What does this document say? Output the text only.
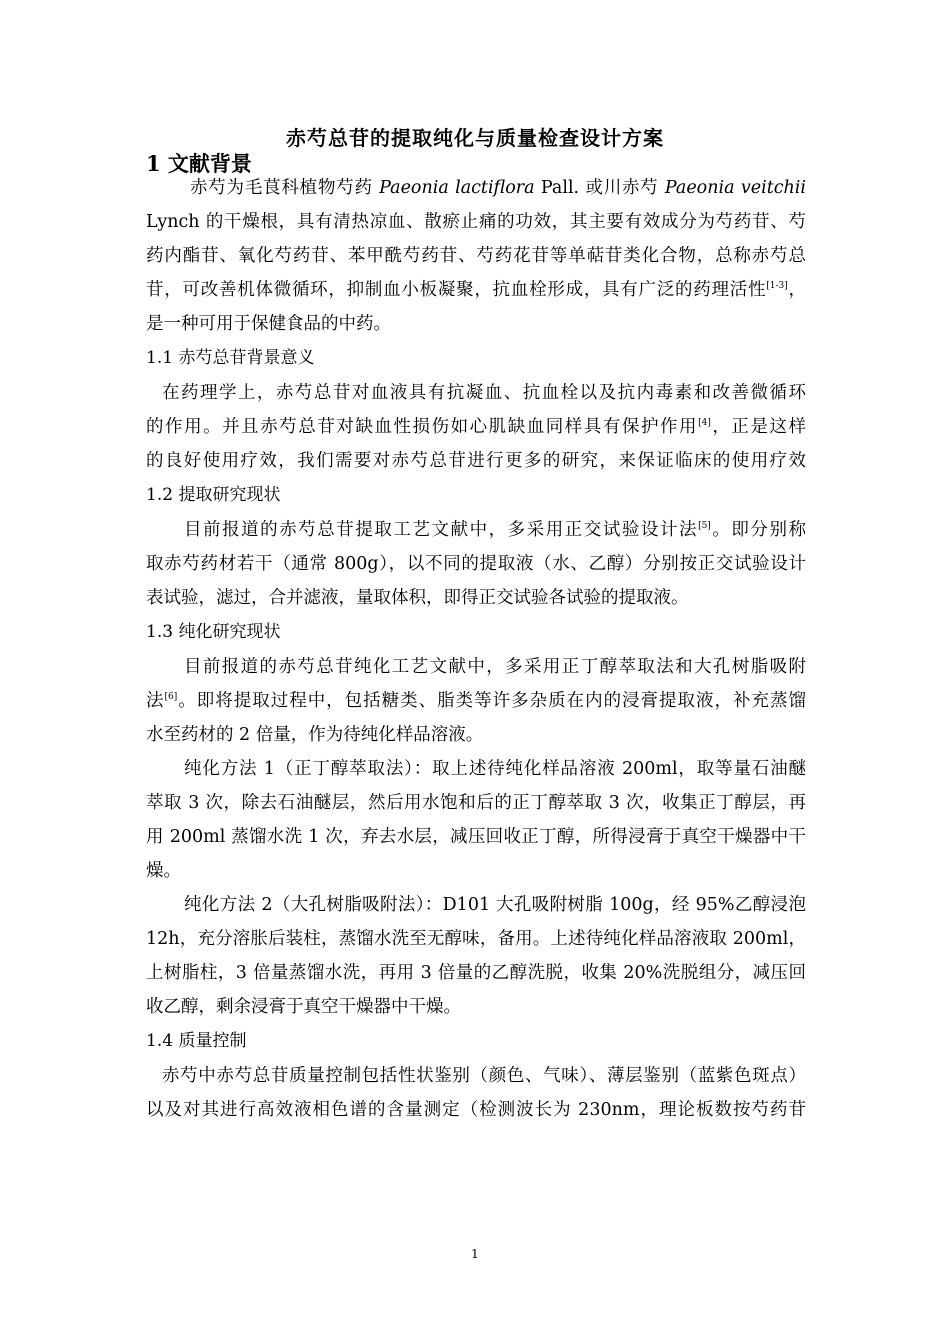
赤芍总苷的提取纯化与质量检查设计方案
1 文献背景
赤芍为毛茛科植物芍药 Paeonia lactiflora Pall. 或川赤芍 Paeonia veitchii
Lynch 的干燥根，具有清热凉血、散瘀止痛的功效，其主要有效成分为芍药苷、芍
药内酯苷、氧化芍药苷、苯甲酰芍药苷、芍药花苷等单萜苷类化合物，总称赤芍总
苷，可改善机体微循环，抑制血小板凝聚，抗血栓形成，具有广泛的药理活性[1-3]，
是一种可用于保健食品的中药。
1.1 赤芍总苷背景意义
在药理学上，赤芍总苷对血液具有抗凝血、抗血栓以及抗内毒素和改善微循环
的作用。并且赤芍总苷对缺血性损伤如心肌缺血同样具有保护作用[4]，正是这样
的良好使用疗效，我们需要对赤芍总苷进行更多的研究，来保证临床的使用疗效
1.2 提取研究现状
目前报道的赤芍总苷提取工艺文献中，多采用正交试验设计法[5]。即分别称
取赤芍药材若干（通常 800g），以不同的提取液（水、乙醇）分别按正交试验设计
表试验，滤过，合并滤液，量取体积，即得正交试验各试验的提取液。
1.3 纯化研究现状
目前报道的赤芍总苷纯化工艺文献中，多采用正丁醇萃取法和大孔树脂吸附
法[6]。即将提取过程中，包括糖类、脂类等许多杂质在内的浸膏提取液，补充蒸馏
水至药材的 2 倍量，作为待纯化样品溶液。
纯化方法 1（正丁醇萃取法）：取上述待纯化样品溶液 200ml，取等量石油醚
萃取 3 次，除去石油醚层，然后用水饱和后的正丁醇萃取 3 次，收集正丁醇层，再
用 200ml 蒸馏水洗 1 次，弃去水层，减压回收正丁醇，所得浸膏于真空干燥器中干
燥。
纯化方法 2（大孔树脂吸附法）：D101 大孔吸附树脂 100g，经 95%乙醇浸泡
12h，充分溶胀后装柱，蒸馏水洗至无醇味，备用。上述待纯化样品溶液取 200ml，
上树脂柱，3 倍量蒸馏水洗，再用 3 倍量的乙醇洗脱，收集 20%洗脱组分，减压回
收乙醇，剩余浸膏于真空干燥器中干燥。
1.4 质量控制
赤芍中赤芍总苷质量控制包括性状鉴别（颜色、气味）、薄层鉴别（蓝紫色斑点）
以及对其进行高效液相色谱的含量测定（检测波长为 230nm，理论板数按芍药苷
1
